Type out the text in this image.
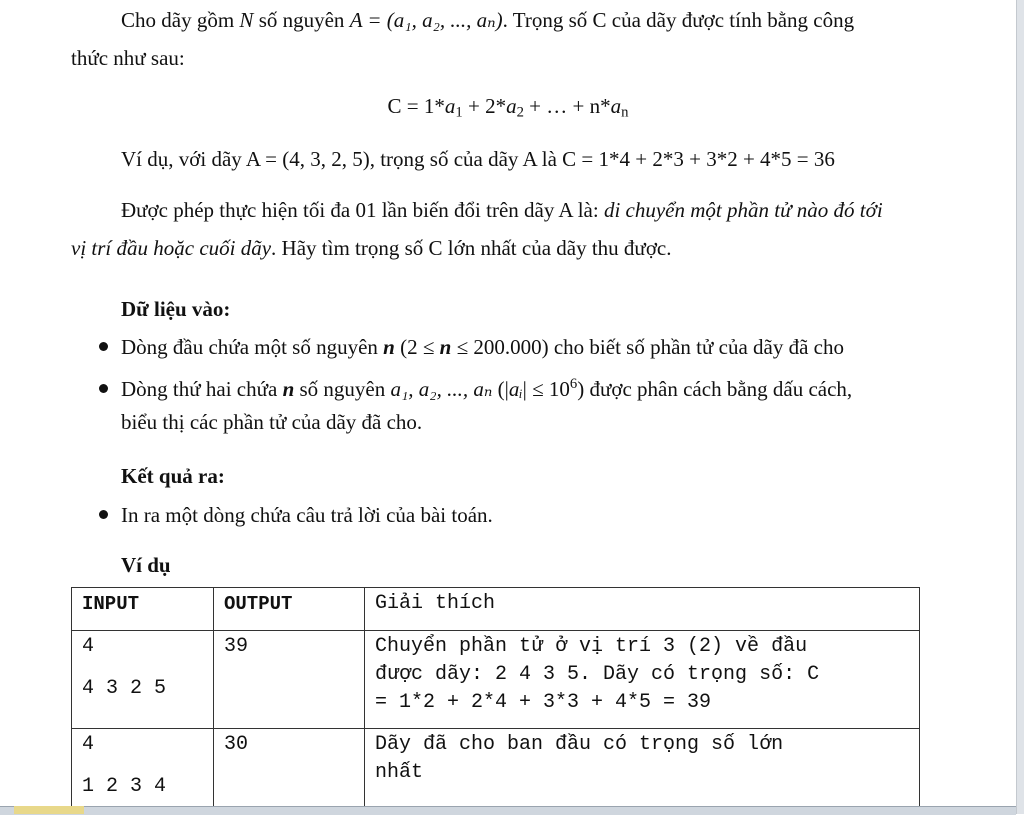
Cho dãy gồm N số nguyên A = (a₁, a₂, ..., aₙ). Trọng số C của dãy được tính bằng công
thức như sau:
$C = 1*a_1 + 2*a_2$ + … + $n*a_n$
Ví dụ, với dãy A = (4, 3, 2, 5), trọng số của dãy A là C = 1*4 + 2*3 + 3*2 + 4*5 = 36
Được phép thực hiện tối đa 01 lần biến đổi trên dãy A là: di chuyển một phần tử nào đó tới
vị trí đầu hoặc cuối dãy. Hãy tìm trọng số C lớn nhất của dãy thu được.
Dữ liệu vào:
Dòng đầu chứa một số nguyên n (2 ≤ n ≤ 200.000) cho biết số phần tử của dãy đã cho
Dòng thứ hai chứa n số nguyên a₁, a₂, ..., aₙ (|aᵢ| ≤ $10^6$) được phân cách bằng dấu cách,
biểu thị các phần tử của dãy đã cho.
Kết quả ra:
In ra một dòng chứa câu trả lời của bài toán.
Ví dụ
INPUT	OUTPUT	Giải thích

4
4 3 2 5	39	Chuyển phần tử ở vị trí 3 (2) về đầu
được dãy: 2 4 3 5. Dãy có trọng số: C
= 1*2 + 2*4 + 3*3 + 4*5 = 39

4
1 2 3 4	30	Dãy đã cho ban đầu có trọng số lớn
nhất
